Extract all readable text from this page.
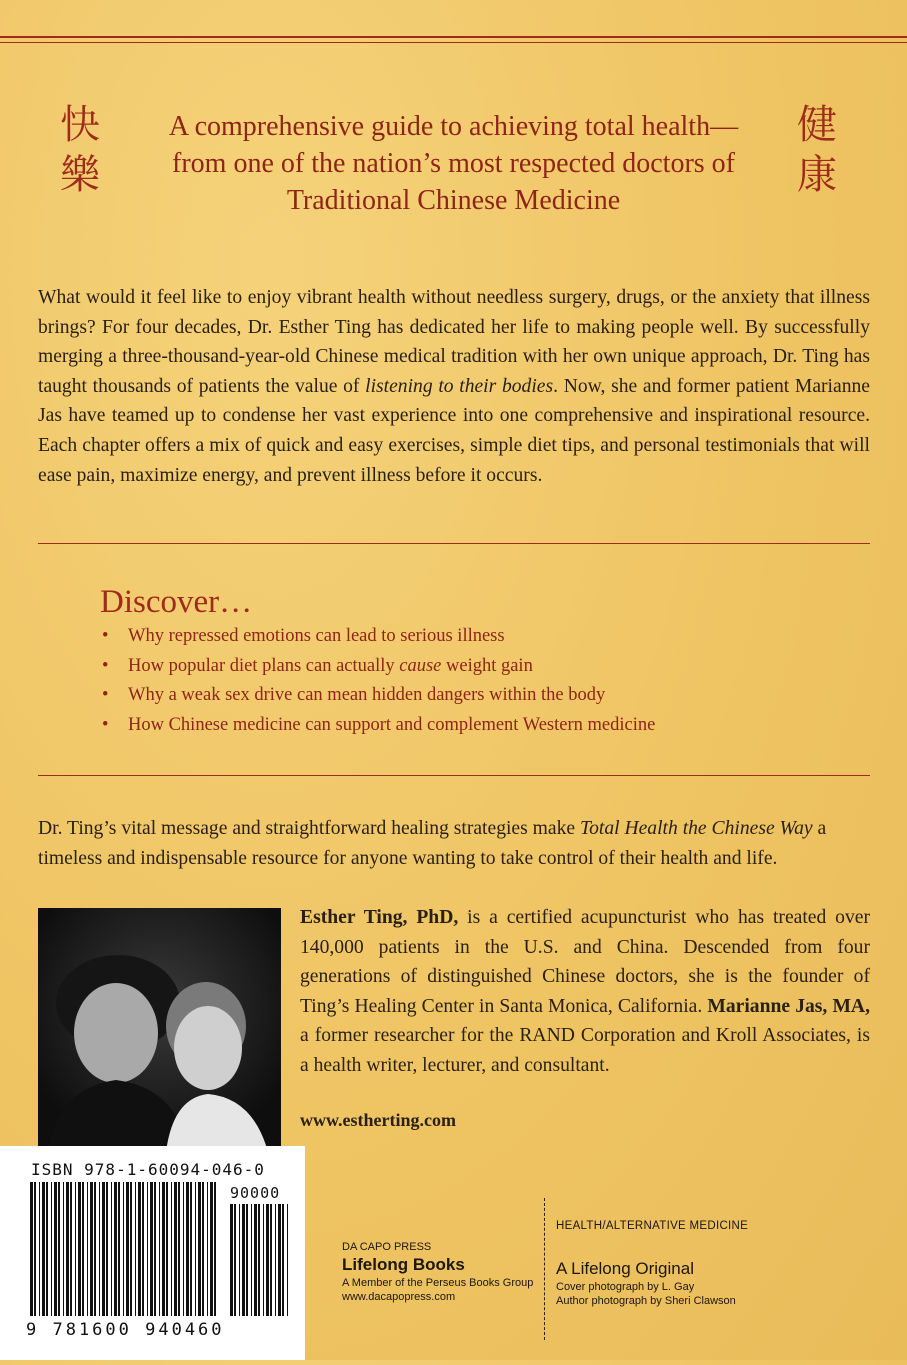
快
樂
健
康
A comprehensive guide to achieving total health—
from one of the nation’s most respected doctors of
Traditional Chinese Medicine
What would it feel like to enjoy vibrant health without needless surgery, drugs, or the anxiety that illness brings? For four decades, Dr. Esther Ting has dedicated her life to making people well. By successfully merging a three-thousand-year-old Chinese medical tradition with her own unique approach, Dr. Ting has taught thousands of patients the value of listening to their bodies. Now, she and former patient Marianne Jas have teamed up to condense her vast experience into one comprehensive and inspirational resource. Each chapter offers a mix of quick and easy exercises, simple diet tips, and personal testimonials that will ease pain, maximize energy, and prevent illness before it occurs.
Discover…
• Why repressed emotions can lead to serious illness
• How popular diet plans can actually cause weight gain
• Why a weak sex drive can mean hidden dangers within the body
• How Chinese medicine can support and complement Western medicine
Dr. Ting’s vital message and straightforward healing strategies make Total Health the Chinese Way a timeless and indispensable resource for anyone wanting to take control of their health and life.
Esther Ting, PhD, is a certified acupuncturist who has treated over 140,000 patients in the U.S. and China. Descended from four generations of distinguished Chinese doctors, she is the founder of Ting’s Healing Center in Santa Monica, California. Marianne Jas, MA, a former researcher for the RAND Corporation and Kroll Associates, is a health writer, lecturer, and consultant.
www.estherting.com
ISBN 978-1-60094-046-0
90000
9 781600 940460
DA CAPO PRESS
Lifelong Books
A Member of the Perseus Books Group
www.dacapopress.com
HEALTH/ALTERNATIVE MEDICINE
A Lifelong Original
Cover photograph by L. Gay
Author photograph by Sheri Clawson
